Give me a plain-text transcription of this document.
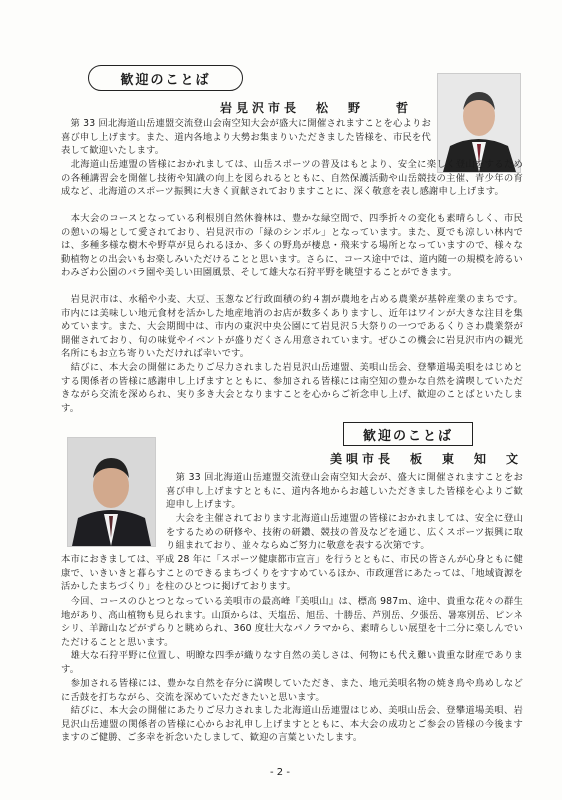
歓迎のことば
岩見沢市長　松　野　　哲

　第 33 回北海道山岳連盟交流登山会南空知大会が盛大に開催されますことを心よりお喜び申し上げます。また、道内各地より大勢お集まりいただきました皆様を、市民を代表して歓迎いたします。

　北海道山岳連盟の皆様におかれましては、山岳スポーツの普及はもとより、安全に楽しく登山をするための各種講習会を開催し技術や知識の向上を図られるとともに、自然保護活動や山岳競技の主催、青少年の育成など、北海道のスポーツ振興に大きく貢献されておりますことに、深く敬意を表し感謝申し上げます。

　本大会のコースとなっている利根別自然休養林は、豊かな緑空間で、四季折々の変化も素晴らしく、市民の憩いの場として愛されており、岩見沢市の「緑のシンボル」となっています。また、夏でも涼しい林内では、多種多様な樹木や野草が見られるほか、多くの野鳥が棲息・飛来する場所となっていますので、様々な動植物との出会いもお楽しみいただけることと思います。さらに、コース途中では、道内随一の規模を誇るいわみざわ公園のバラ園や美しい田園風景、そして雄大な石狩平野を眺望することができます。

　岩見沢市は、水稲や小麦、大豆、玉葱など行政面積の約４割が農地を占める農業が基幹産業のまちです。市内には美味しい地元食材を活かした地産地消のお店が数多くありますし、近年はワインが大きな注目を集めています。また、大会期間中は、市内の東沢中央公園にて岩見沢５大祭りの一つであるくりさわ農業祭が開催されており、旬の味覚やイベントが盛りだくさん用意されています。ぜひこの機会に岩見沢市内の観光名所にもお立ち寄りいただければ幸いです。

　結びに、本大会の開催にあたりご尽力されました岩見沢山岳連盟、美唄山岳会、登攀道場美唄をはじめとする関係者の皆様に感謝申し上げますとともに、参加される皆様には南空知の豊かな自然を満喫していただきながら交流を深められ、実り多き大会となりますことを心からご祈念申し上げ、歓迎のことばといたします。

歓迎のことば
美唄市長　板　東　知　文

　第 33 回北海道山岳連盟交流登山会南空知大会が、盛大に開催されますことをお喜び申し上げますとともに、道内各地からお越しいただきました皆様を心よりご歓迎申し上げます。

　大会を主催されております北海道山岳連盟の皆様におかれましては、安全に登山をするための研修や、技術の研鑽、競技の普及などを通じ、広くスポーツ振興に取り組まれており、並々ならぬご努力に敬意を表する次第です。

本市におきましては、平成 28 年に「スポーツ健康都市宣言」を行うとともに、市民の皆さんが心身ともに健康で、いきいきと暮らすことのできるまちづくりをすすめているほか、市政運営にあたっては、「地域資源を活かしたまちづくり」を柱のひとつに掲げております。

　今回、コースのひとつとなっている美唄市の最高峰『美唄山』は、標高 987ｍ、途中、貴重な花々の群生地があり、高山植物も見られます。山頂からは、天塩岳、旭岳、十勝岳、芦別岳、夕張岳、暑寒別岳、ピンネシリ、羊蹄山などがずらりと眺められ、360 度壮大なパノラマから、素晴らしい展望を十二分に楽しんでいただけることと思います。

　雄大な石狩平野に位置し、明瞭な四季が織りなす自然の美しさは、何物にも代え難い貴重な財産であります。

　参加される皆様には、豊かな自然を存分に満喫していただき、また、地元美唄名物の焼き鳥や鳥めしなどに舌鼓を打ちながら、交流を深めていただきたいと思います。

　結びに、本大会の開催にあたりご尽力されました北海道山岳連盟はじめ、美唄山岳会、登攀道場美唄、岩見沢山岳連盟の関係者の皆様に心からお礼申し上げますとともに、本大会の成功とご参会の皆様の今後ますますのご健勝、ご多幸を祈念いたしまして、歓迎の言葉といたします。

- 2 -
